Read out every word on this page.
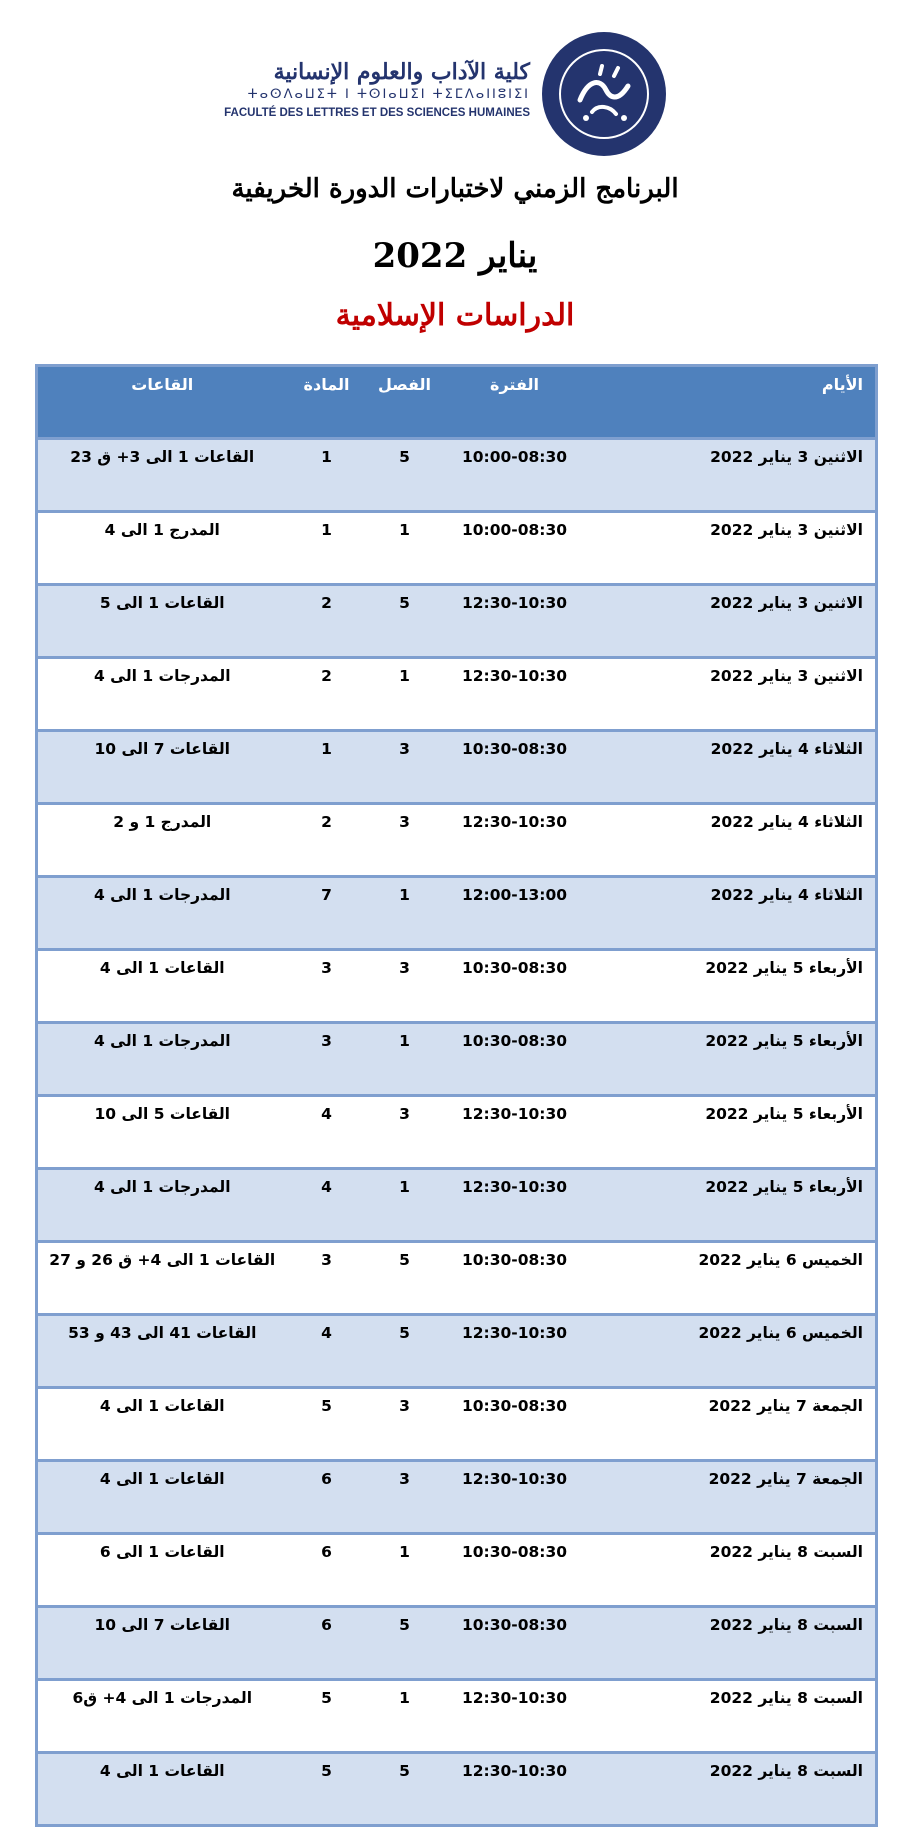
كلية الآداب والعلوم الإنسانية
ⵜⴰⵙⴷⴰⵡⵉⵜ ⵏ ⵜⵙⵏⴰⵡⵉⵏ ⵜⵉⵎⴷⴰⵏⵏⵓⵏⵉⵏ
FACULTÉ DES LETTRES ET DES SCIENCES HUMAINES
البرنامج الزمني لاختبارات الدورة الخريفية
يناير 2022
الدراسات الإسلامية
القاعات	المادة	الفصل	الفترة	الأيام
القاعات 1 الى 3+ ق 23	1	5	10:00-08:30	الاثنين 3 يناير 2022
المدرج 1 الى 4	1	1	10:00-08:30	الاثنين 3 يناير 2022
القاعات 1 الى 5	2	5	12:30-10:30	الاثنين 3 يناير 2022
المدرجات 1 الى 4	2	1	12:30-10:30	الاثنين 3 يناير 2022
القاعات 7 الى 10	1	3	10:30-08:30	الثلاثاء 4 يناير 2022
المدرج 1 و 2	2	3	12:30-10:30	الثلاثاء 4 يناير 2022
المدرجات 1 الى 4	7	1	12:00-13:00	الثلاثاء 4 يناير 2022
القاعات 1 الى 4	3	3	10:30-08:30	الأربعاء 5 يناير 2022
المدرجات 1 الى 4	3	1	10:30-08:30	الأربعاء 5 يناير 2022
القاعات 5 الى 10	4	3	12:30-10:30	الأربعاء 5 يناير 2022
المدرجات 1 الى 4	4	1	12:30-10:30	الأربعاء 5 يناير 2022
القاعات 1 الى 4+ ق 26 و 27	3	5	10:30-08:30	الخميس 6 يناير 2022
القاعات 41 الى 43 و 53	4	5	12:30-10:30	الخميس 6 يناير 2022
القاعات 1 الى 4	5	3	10:30-08:30	الجمعة 7 يناير 2022
القاعات 1 الى 4	6	3	12:30-10:30	الجمعة 7 يناير 2022
القاعات 1 الى 6	6	1	10:30-08:30	السبت 8 يناير 2022
القاعات 7 الى 10	6	5	10:30-08:30	السبت 8 يناير 2022
المدرجات 1 الى 4+ ق6	5	1	12:30-10:30	السبت 8 يناير 2022
القاعات 1 الى 4	5	5	12:30-10:30	السبت 8 يناير 2022
